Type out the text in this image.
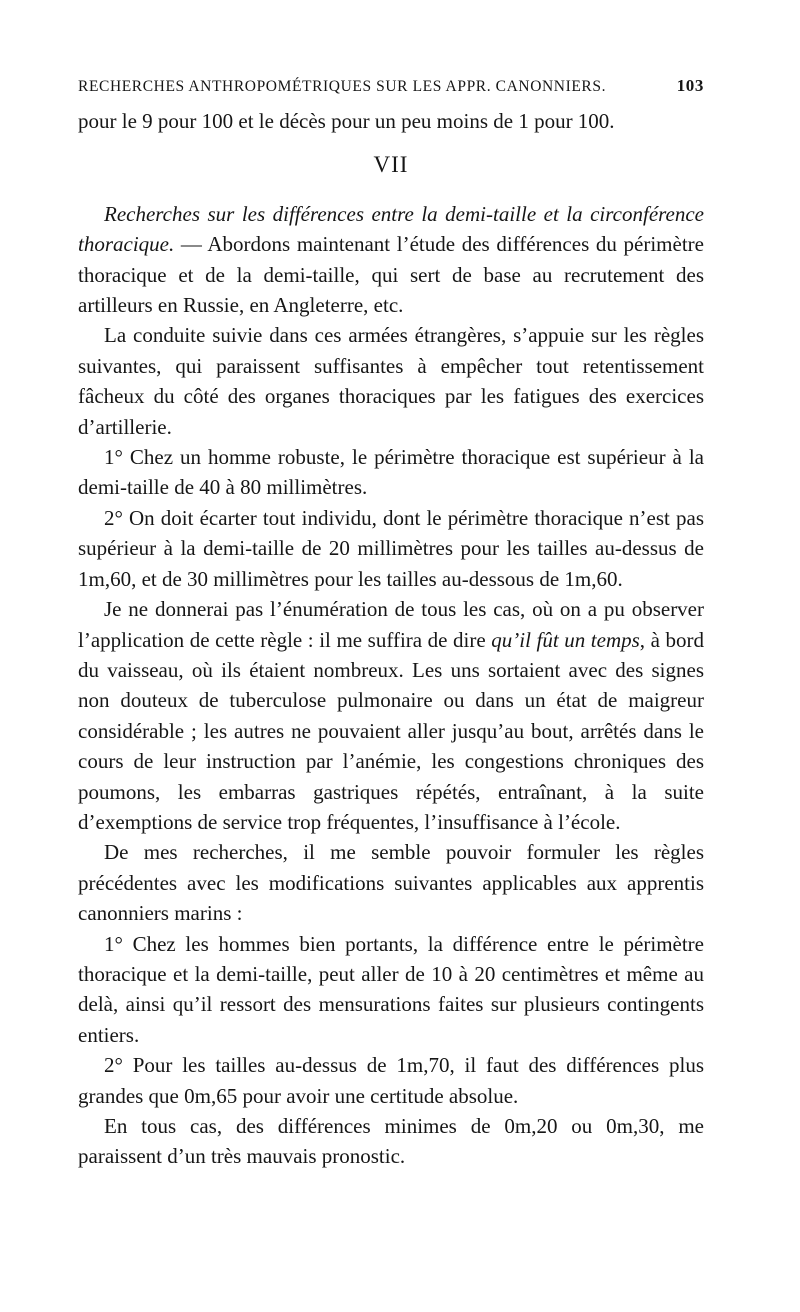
RECHERCHES ANTHROPOMÉTRIQUES SUR LES APPR. CANONNIERS.	103

pour le 9 pour 100 et le décès pour un peu moins de 1 pour 100.

VII

Recherches sur les différences entre la demi-taille et la circonférence thoracique. — Abordons maintenant l’étude des différences du périmètre thoracique et de la demi-taille, qui sert de base au recrutement des artilleurs en Russie, en Angleterre, etc.

La conduite suivie dans ces armées étrangères, s’appuie sur les règles suivantes, qui paraissent suffisantes à empêcher tout retentissement fâcheux du côté des organes thoraciques par les fatigues des exercices d’artillerie.

1° Chez un homme robuste, le périmètre thoracique est supérieur à la demi-taille de 40 à 80 millimètres.

2° On doit écarter tout individu, dont le périmètre thoracique n’est pas supérieur à la demi-taille de 20 millimètres pour les tailles au-dessus de 1m,60, et de 30 millimètres pour les tailles au-dessous de 1m,60.

Je ne donnerai pas l’énumération de tous les cas, où on a pu observer l’application de cette règle : il me suffira de dire qu’il fût un temps, à bord du vaisseau, où ils étaient nombreux. Les uns sortaient avec des signes non douteux de tuberculose pulmonaire ou dans un état de maigreur considérable ; les autres ne pouvaient aller jusqu’au bout, arrêtés dans le cours de leur instruction par l’anémie, les congestions chroniques des poumons, les embarras gastriques répétés, entraînant, à la suite d’exemptions de service trop fréquentes, l’insuffisance à l’école.

De mes recherches, il me semble pouvoir formuler les règles précédentes avec les modifications suivantes applicables aux apprentis canonniers marins :

1° Chez les hommes bien portants, la différence entre le périmètre thoracique et la demi-taille, peut aller de 10 à 20 centimètres et même au delà, ainsi qu’il ressort des mensurations faites sur plusieurs contingents entiers.

2° Pour les tailles au-dessus de 1m,70, il faut des différences plus grandes que 0m,65 pour avoir une certitude absolue.

En tous cas, des différences minimes de 0m,20 ou 0m,30, me paraissent d’un très mauvais pronostic.
